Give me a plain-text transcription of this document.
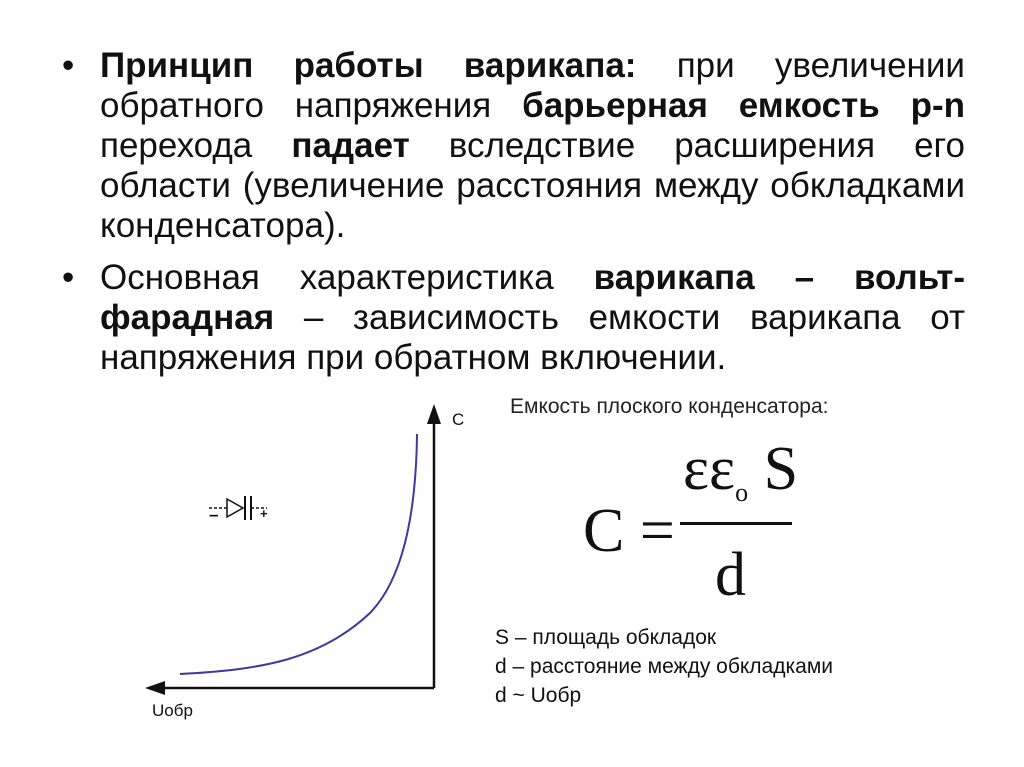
• Принцип работы варикапа: при увеличении обратного напряжения барьерная емкость p-n перехода падает вследствие расширения его области (увеличение расстояния между обкладками конденсатора).
• Основная характеристика варикапа – вольт-фарадная – зависимость емкости варикапа от напряжения при обратном включении.
C
Uобр
–	+
Емкость плоского конденсатора:
C =
$\varepsilon\varepsilon_o$ S
d
S – площадь обкладок
d – расстояние между обкладками
d ~ Uобр
